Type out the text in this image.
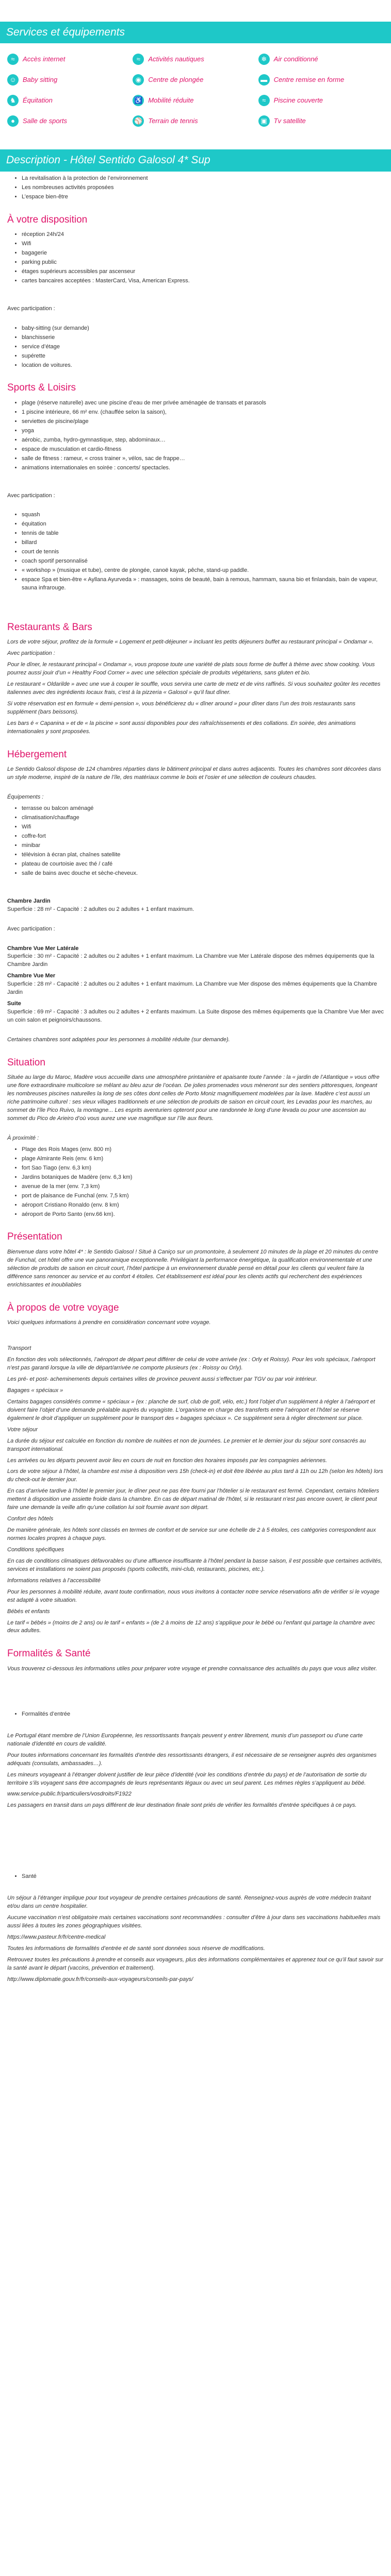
Services et équipements
≈	Accès internet	≈	Activités nautiques	❄	Air conditionné
☺ Baby sitting	◉	Centre de plongée	▬ Centre remise en forme
♞	Équitation	♿ Mobilité réduite	≈	Piscine couverte
●	Salle de sports	⚾ Terrain de tennis	▣ Tv satellite
Description - Hôtel Sentido Galosol 4* Sup
• La revitalisation à la protection de l’environnement
• Les nombreuses activités proposées
• L’espace bien-être
À votre disposition
• réception 24h/24
• Wifi
• bagagerie
• parking public
• étages supérieurs accessibles par ascenseur
• cartes bancaires acceptées : MasterCard, Visa, American Express.

Avec participation :

• baby-sitting (sur demande)
• blanchisserie
• service d’étage
• supérette
• location de voitures.
Sports & Loisirs
• plage (réserve naturelle) avec une piscine d’eau de mer privée aménagée de transats et parasols
• 1 piscine intérieure, 66 m² env. (chauffée selon la saison),
• serviettes de piscine/plage
• yoga
• aérobic, zumba, hydro-gymnastique, step, abdominaux…
• espace de musculation et cardio-fitness
• salle de fitness : rameur, « cross trainer », vélos, sac de frappe…
• animations internationales en soirée : concerts/ spectacles.

Avec participation :

• squash
• équitation
• tennis de table
• billard
• court de tennis
• coach sportif personnalisé
• « workshop » (musique et tube), centre de plongée, canoë kayak, pêche, stand-up paddle.
• espace Spa et bien-être « Ayllana Ayurveda » : massages, soins de beauté, bain à remous, hammam, sauna bio et finlandais, bain de vapeur, sauna infrarouge.
Restaurants & Bars

Lors de votre séjour, profitez de la formule « Logement et petit-déjeuner » incluant les petits déjeuners buffet au restaurant principal « Ondamar ».

Avec participation :

Pour le dîner, le restaurant principal « Ondamar », vous propose toute une variété de plats sous forme de buffet à thème avec show cooking. Vous pourrez aussi jouir d’un « Healthy Food Corner » avec une sélection spéciale de produits végétariens, sans gluten et bio.

Le restaurant « Oldarilde » avec une vue à couper le souffle, vous servira une carte de metz et de vins raffinés. Si vous souhaitez goûter les recettes italiennes avec des ingrédients locaux frais, c’est à la pizzeria « Galosol » qu’il faut dîner.

Si votre réservation est en formule « demi-pension », vous bénéficierez du « dîner around » pour dîner dans l’un des trois restaurants sans supplément (bars beissons).

Les bars é « Capanina » et de « la piscine » sont aussi disponibles pour des rafraîchissements et des collations. En soirée, des animations internationales y sont proposées.

Hébergement

Le Sentido Galosol dispose de 124 chambres réparties dans le bâtiment principal et dans autres adjacents. Toutes les chambres sont décorées dans un style moderne, inspiré de la nature de l’île, des matériaux comme le bois et l’osier et une sélection de couleurs chaudes.

Équipements :

• terrasse ou balcon aménagé
• climatisation/chauffage
• Wifi
• coffre-fort
• minibar
• télévision à écran plat, chaînes satellite
• plateau de courtoisie avec thé / café
• salle de bains avec douche et sèche-cheveux.

Chambre Jardin
Superficie : 28 m² - Capacité : 2 adultes ou 2 adultes + 1 enfant maximum.

Avec participation :

Chambre Vue Mer Latérale
Superficie : 30 m² - Capacité : 2 adultes ou 2 adultes + 1 enfant maximum. La Chambre vue Mer Latérale dispose des mêmes équipements que la Chambre Jardin

Chambre Vue Mer
Superficie : 28 m² - Capacité : 2 adultes ou 2 adultes + 1 enfant maximum. La Chambre vue Mer dispose des mêmes équipements que la Chambre Jardin

Suite
Superficie : 69 m² - Capacité : 3 adultes ou 2 adultes + 2 enfants maximum. La Suite dispose des mêmes équipements que la Chambre Vue Mer avec un coin salon et peignoirs/chaussons.

Certaines chambres sont adaptées pour les personnes à mobilité réduite (sur demande).

Situation

Située au large du Maroc, Madère vous accueille dans une atmosphère printanière et apaisante toute l’année : la « jardin de l’Atlantique » vous offre une flore extraordinaire multicolore se mêlant au bleu azur de l’océan. De jolies promenades vous mèneront sur des sentiers pittoresques, longeant les nombreuses piscines naturelles la long de ses côtes dont celles de Porto Moniz magnifiquement modelées par la lave. Madère c’est aussi un riche patrimoine culturel : ses vieux villages traditionnels et une sélection de produits de saison en circuit court, les Levadas pour les marches, au sommet de l’île Pico Ruivo, la montagne... Les esprits aventuriers opteront pour une randonnée le long d’une levada ou pour une ascension au sommet du Pico de Arieiro d’où vous aurez une vue magnifique sur l’île aux fleurs.

À proximité :

• Plage des Rois Mages (env. 800 m)
• plage Almirante Reis (env. 6 km)
• fort Sao Tiago (env. 6,3 km)
• Jardins botaniques de Madère (env. 6,3 km)
• avenue de la mer (env. 7,3 km)
• port de plaisance de Funchal (env. 7,5 km)
• aéroport Cristiano Ronaldo (env. 8 km)
• aéroport de Porto Santo (env.66 km).
Présentation

Bienvenue dans votre hôtel 4* : le Sentido Galosol ! Situé à Caniço sur un promontoire, à seulement 10 minutes de la plage et 20 minutes du centre de Funchal, cet hôtel offre une vue panoramique exceptionnelle. Privilégiant la performance énergétique, la qualification environnementale et une sélection de produits de saison en circuit court, l’hôtel participe à un environnement durable pensé en détail pour les clients qui veulent faire la différence sans renoncer au service et au confort 4 étoiles. Cet établissement est idéal pour les clients actifs qui recherchent des expériences enrichissantes et inoubliables

À propos de votre voyage

Voici quelques informations à prendre en considération concernant votre voyage.

Transport

En fonction des vols sélectionnés, l’aéroport de départ peut différer de celui de votre arrivée (ex : Orly et Roissy). Pour les vols spéciaux, l’aéroport n’est pas garanti lorsque la ville de départ/arrivée ne comporte plusieurs (ex : Roissy ou Orly).

Les pré- et post- acheminements depuis certaines villes de province peuvent aussi s’effectuer par TGV ou par voir intérieur.

Bagages « spéciaux »

Certains bagages considérés comme « spéciaux » (ex : planche de surf, club de golf, vélo, etc.) font l’objet d’un supplément à régler à l’aéroport et doivent faire l’objet d’une demande préalable auprès du voyagiste. L’organisme en charge des transferts entre l’aéroport et l’hôtel se réserve également le droit d’appliquer un supplément pour le transport des « bagages spéciaux ». Ce supplément sera à régler directement sur place.

Votre séjour

La durée du séjour est calculée en fonction du nombre de nuitées et non de journées. Le premier et le dernier jour du séjour sont consacrés au transport international.

Les arrivées ou les départs peuvent avoir lieu en cours de nuit en fonction des horaires imposés par les compagnies aériennes.

Lors de votre séjour à l’hôtel, la chambre est mise à disposition vers 15h (check-in) et doit être libérée au plus tard à 11h ou 12h (selon les hôtels) lors du check-out le dernier jour.

En cas d’arrivée tardive à l’hôtel le premier jour, le dîner peut ne pas être fourni par l’hôtelier si le restaurant est fermé. Cependant, certains hôteliers mettent à disposition une assiette froide dans la chambre. En cas de départ matinal de l’hôtel, si le restaurant n’est pas encore ouvert, le client peut faire une demande la veille afin qu’une collation lui soit fournie avant son départ.

Confort des hôtels

De manière générale, les hôtels sont classés en termes de confort et de service sur une échelle de 2 à 5 étoiles, ces catégories correspondent aux normes locales propres à chaque pays.

Conditions spécifiques

En cas de conditions climatiques défavorables ou d’une affluence insuffisante à l’hôtel pendant la basse saison, il est possible que certaines activités, services et installations ne soient pas proposés (sports collectifs, mini-club, restaurants, piscines, etc.).

Informations relatives à l’accessibilité

Pour les personnes à mobilité réduite, avant toute confirmation, nous vous invitons à contacter notre service réservations afin de vérifier si le voyage est adapté à votre situation.

Bébés et enfants

Le tarif « bébés » (moins de 2 ans) ou le tarif « enfants » (de 2 à moins de 12 ans) s’applique pour le bébé ou l’enfant qui partage la chambre avec deux adultes.

Formalités & Santé

Vous trouverez ci-dessous les informations utiles pour préparer votre voyage et prendre connaissance des actualités du pays que vous allez visiter.

• Formalités d’entrée

Le Portugal étant membre de l’Union Européenne, les ressortissants français peuvent y entrer librement, munis d’un passeport ou d’une carte nationale d’identité en cours de validité.

Pour toutes informations concernant les formalités d’entrée des ressortissants étrangers, il est nécessaire de se renseigner auprès des organismes adéquats (consulats, ambassades…).

Les mineurs voyageant à l’étranger doivent justifier de leur pièce d’identité (voir les conditions d’entrée du pays) et de l’autorisation de sortie du territoire s’ils voyagent sans être accompagnés de leurs représentants légaux ou avec un seul parent. Les mêmes règles s’appliquent au bébé.

www.service-public.fr/particuliers/vosdroits/F1922

Les passagers en transit dans un pays différent de leur destination finale sont priés de vérifier les formalités d’entrée spécifiques à ce pays.

• Santé

Un séjour à l’étranger implique pour tout voyageur de prendre certaines précautions de santé. Renseignez-vous auprès de votre médecin traitant et/ou dans un centre hospitalier.

Aucune vaccination n’est obligatoire mais certaines vaccinations sont recommandées : consulter d’être à jour dans ses vaccinations habituelles mais aussi liées à toutes les zones géographiques visitées.

https://www.pasteur.fr/fr/centre-medical

Toutes les informations de formalités d’entrée et de santé sont données sous réserve de modifications.

Retrouvez toutes les précautions à prendre et conseils aux voyageurs, plus des informations complémentaires et apprenez tout ce qu’il faut savoir sur la santé avant le départ (vaccins, prévention et traitement).

http://www.diplomatie.gouv.fr/fr/conseils-aux-voyageurs/conseils-par-pays/
